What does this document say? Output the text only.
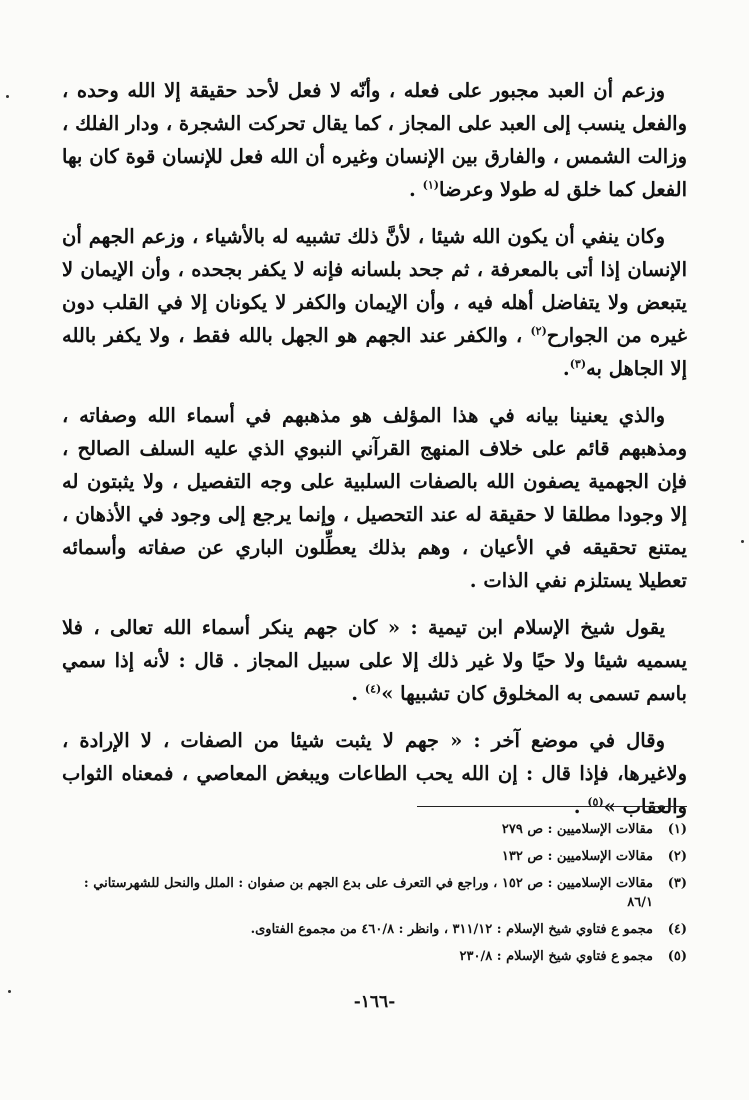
وزعم أن العبد مجبور على فعله ، وأنّه لا فعل لأحد حقيقة إلا الله وحده ، والفعل ينسب إلى العبد على المجاز ، كما يقال تحركت الشجرة ، ودار الفلك ، وزالت الشمس ، والفارق بين الإنسان وغيره أن الله فعل للإنسان قوة كان بها الفعل كما خلق له طولا وعرضا$^{(١)}$ .

وكان ينفي أن يكون الله شيئا ، لأنَّ ذلك تشبيه له بالأشياء ، وزعم الجهم أن الإنسان إذا أتى بالمعرفة ، ثم جحد بلسانه فإنه لا يكفر بجحده ، وأن الإيمان لا يتبعض ولا يتفاضل أهله فيه ، وأن الإيمان والكفر لا يكونان إلا في القلب دون غيره من الجوارح$^{(٢)}$ ، والكفر عند الجهم هو الجهل بالله فقط ، ولا يكفر بالله إلا الجاهل به$^{(٣)}$.

والذي يعنينا بيانه في هذا المؤلف هو مذهبهم في أسماء الله وصفاته ، ومذهبهم قائم على خلاف المنهج القرآني النبوي الذي عليه السلف الصالح ، فإن الجهمية يصفون الله بالصفات السلبية على وجه التفصيل ، ولا يثبتون له إلا وجودا مطلقا لا حقيقة له عند التحصيل ، وإنما يرجع إلى وجود في الأذهان ، يمتنع تحقيقه في الأعيان ، وهم بذلك يعطِّلون الباري عن صفاته وأسمائه تعطيلا يستلزم نفي الذات .

يقول شيخ الإسلام ابن تيمية : « كان جهم ينكر أسماء الله تعالى ، فلا يسميه شيئا ولا حيًا ولا غير ذلك إلا على سبيل المجاز . قال : لأنه إذا سمي باسم تسمى به المخلوق كان تشبيها »$^{(٤)}$ .

وقال في موضع آخر : « جهم لا يثبت شيئا من الصفات ، لا الإرادة ، ولاغيرها، فإذا قال : إن الله يحب الطاعات ويبغض المعاصي ، فمعناه الثواب والعقاب »$^{(٥)}$ .

(١)
مقالات الإسلاميين : ص ٢٧٩
(٢)
مقالات الإسلاميين : ص ١٣٢
(٣)
مقالات الإسلاميين : ص ١٥٢ ، وراجع في التعرف على بدع الجهم بن صفوان : الملل والنحل للشهرستاني : ٨٦/١
(٤)
مجمو ع فتاوي شيخ الإسلام : ٣١١/١٢ ، وانظر : ٤٦٠/٨ من مجموع الفتاوى.
(٥)
مجمو ع فتاوي شيخ الإسلام : ٢٣٠/٨
-١٦٦-
